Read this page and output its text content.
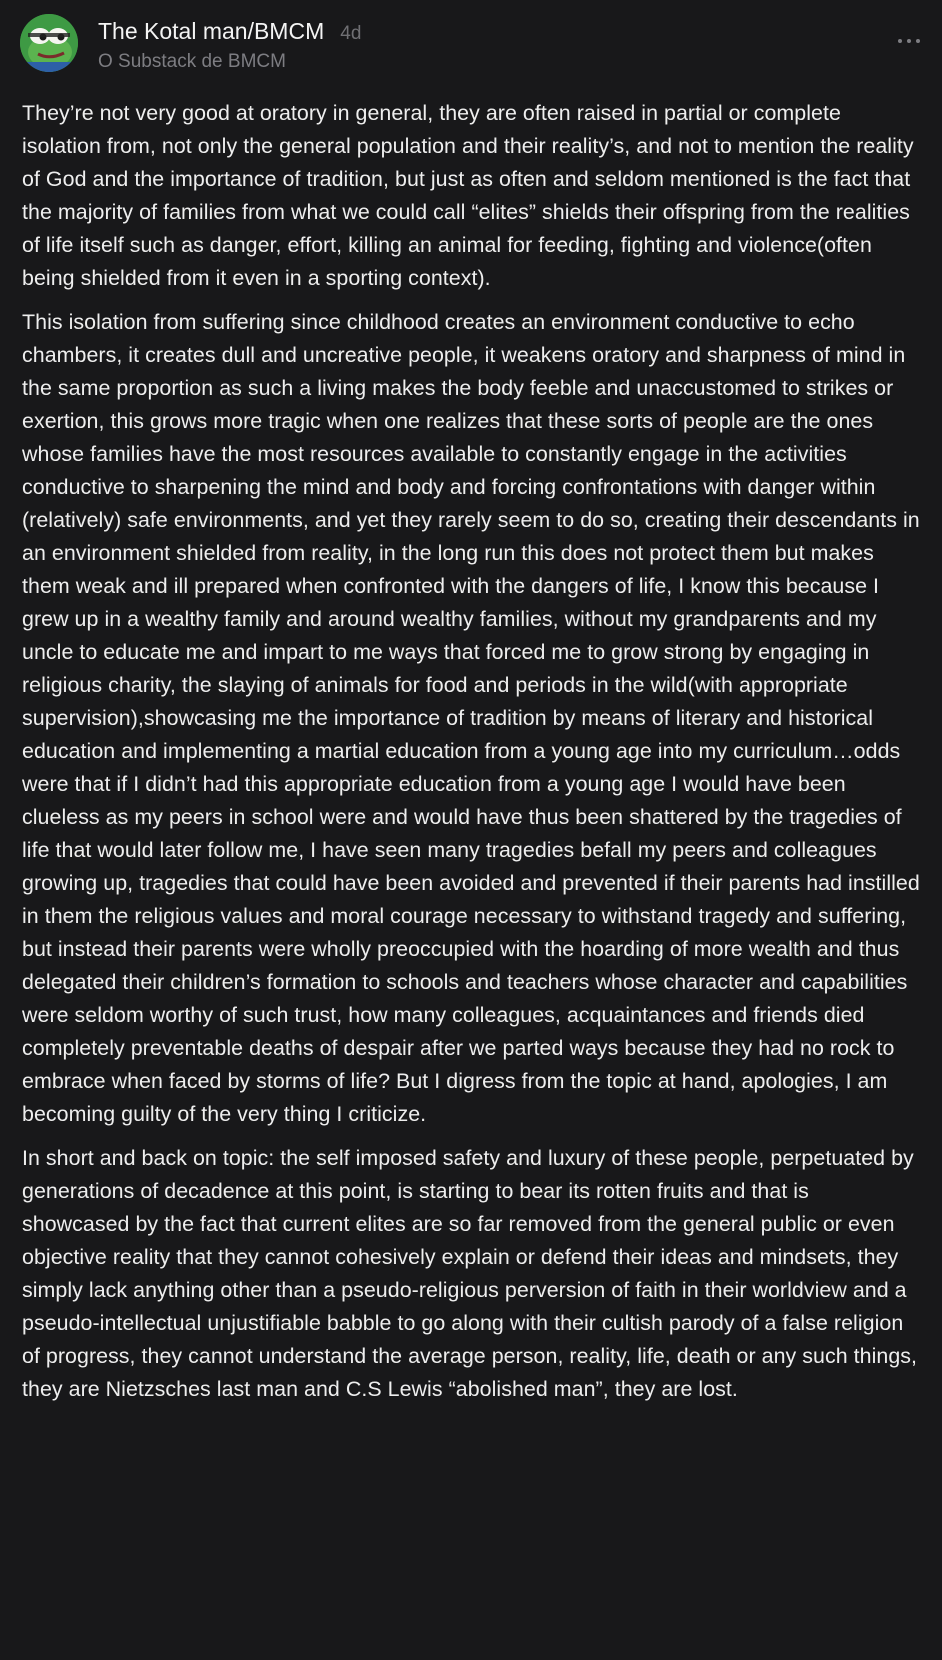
The Kotal man/BMCM 4d
O Substack de BMCM

They’re not very good at oratory in general, they are often raised in partial or complete isolation from, not only the general population and their reality’s, and not to mention the reality of God and the importance of tradition, but just as often and seldom mentioned is the fact that the majority of families from what we could call “elites” shields their offspring from the realities of life itself such as danger, effort, killing an animal for feeding, fighting and violence(often being shielded from it even in a sporting context).

This isolation from suffering since childhood creates an environment conductive to echo chambers, it creates dull and uncreative people, it weakens oratory and sharpness of mind in the same proportion as such a living makes the body feeble and unaccustomed to strikes or exertion, this grows more tragic when one realizes that these sorts of people are the ones whose families have the most resources available to constantly engage in the activities conductive to sharpening the mind and body and forcing confrontations with danger within (relatively) safe environments, and yet they rarely seem to do so, creating their descendants in an environment shielded from reality, in the long run this does not protect them but makes them weak and ill prepared when confronted with the dangers of life, I know this because I grew up in a wealthy family and around wealthy families, without my grandparents and my uncle to educate me and impart to me ways that forced me to grow strong by engaging in religious charity, the slaying of animals for food and periods in the wild(with appropriate supervision),showcasing me the importance of tradition by means of literary and historical education and implementing a martial education from a young age into my curriculum…odds were that if I didn’t had this appropriate education from a young age I would have been clueless as my peers in school were and would have thus been shattered by the tragedies of life that would later follow me, I have seen many tragedies befall my peers and colleagues growing up, tragedies that could have been avoided and prevented if their parents had instilled in them the religious values and moral courage necessary to withstand tragedy and suffering, but instead their parents were wholly preoccupied with the hoarding of more wealth and thus delegated their children’s formation to schools and teachers whose character and capabilities were seldom worthy of such trust, how many colleagues, acquaintances and friends died completely preventable deaths of despair after we parted ways because they had no rock to embrace when faced by storms of life? But I digress from the topic at hand, apologies, I am becoming guilty of the very thing I criticize.

In short and back on topic: the self imposed safety and luxury of these people, perpetuated by generations of decadence at this point, is starting to bear its rotten fruits and that is showcased by the fact that current elites are so far removed from the general public or even objective reality that they cannot cohesively explain or defend their ideas and mindsets, they simply lack anything other than a pseudo-religious perversion of faith in their worldview and a pseudo-intellectual unjustifiable babble to go along with their cultish parody of a false religion of progress, they cannot understand the average person, reality, life, death or any such things, they are Nietzsches last man and C.S Lewis “abolished man”, they are lost.
